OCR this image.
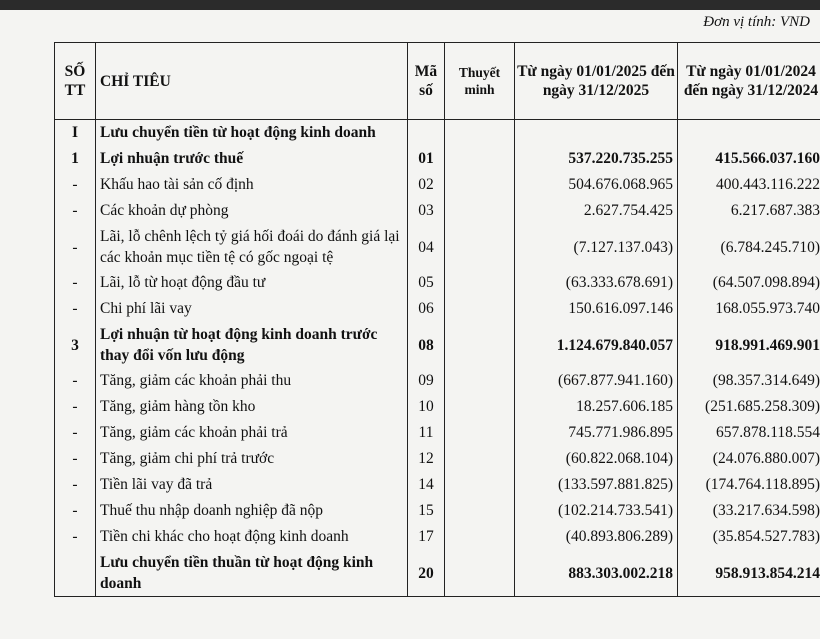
Đơn vị tính: VND
SỐ TT	CHỈ TIÊU	Mã số	Thuyết minh	Từ ngày 01/01/2025 đến ngày 31/12/2025	Từ ngày 01/01/2024 đến ngày 31/12/2024
I	Lưu chuyển tiền từ hoạt động kinh doanh				
1	Lợi nhuận trước thuế	01		537.220.735.255	415.566.037.160
-	Khấu hao tài sản cố định	02		504.676.068.965	400.443.116.222
-	Các khoản dự phòng	03		2.627.754.425	6.217.687.383
-	Lãi, lỗ chênh lệch tỷ giá hối đoái do đánh giá lại các khoản mục tiền tệ có gốc ngoại tệ	04		(7.127.137.043)	(6.784.245.710)
-	Lãi, lỗ từ hoạt động đầu tư	05		(63.333.678.691)	(64.507.098.894)
-	Chi phí lãi vay	06		150.616.097.146	168.055.973.740
3	Lợi nhuận từ hoạt động kinh doanh trước thay đổi vốn lưu động	08		1.124.679.840.057	918.991.469.901
-	Tăng, giảm các khoản phải thu	09		(667.877.941.160)	(98.357.314.649)
-	Tăng, giảm hàng tồn kho	10		18.257.606.185	(251.685.258.309)
-	Tăng, giảm các khoản phải trả	11		745.771.986.895	657.878.118.554
-	Tăng, giảm chi phí trả trước	12		(60.822.068.104)	(24.076.880.007)
-	Tiền lãi vay đã trả	14		(133.597.881.825)	(174.764.118.895)
-	Thuế thu nhập doanh nghiệp đã nộp	15		(102.214.733.541)	(33.217.634.598)
-	Tiền chi khác cho hoạt động kinh doanh	17		(40.893.806.289)	(35.854.527.783)
	Lưu chuyển tiền thuần từ hoạt động kinh doanh	20		883.303.002.218	958.913.854.214
